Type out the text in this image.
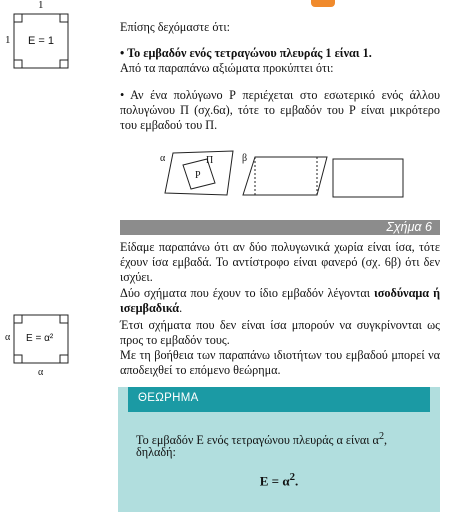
1
1 E = 1
Επίσης δεχόμαστε ότι:
• Το εμβαδόν ενός τετραγώνου πλευράς 1 είναι 1.
Από τα παραπάνω αξιώματα προκύπτει ότι:
• Αν ένα πολύγωνο Ρ περιέχεται στο εσωτερικό ενός άλλου πολυγώνου Π (σχ.6α), τότε το εμβαδόν του Ρ είναι μικρότερο του εμβαδού του Π.
α	Π
Ρ
β
Σχήμα 6
Είδαμε παραπάνω ότι αν δύο πολυγωνικά χωρία είναι ίσα, τότε έχουν ίσα εμβαδά. Το αντίστροφο είναι φανερό (σχ. 6β) ότι δεν ισχύει.
Δύο σχήματα που έχουν το ίδιο εμβαδόν λέγονται ισοδύναμα ή ισεμβαδικά.
Έτσι σχήματα που δεν είναι ίσα μπορούν να συγκρίνονται ως προς το εμβαδόν τους.
Με τη βοήθεια των παραπάνω ιδιοτήτων του εμβαδού μπορεί να αποδειχθεί το επόμενο θεώρημα.
α
α
E = α²
ΘΕΩΡΗΜΑ
Το εμβαδόν Ε ενός τετραγώνου πλευράς α είναι $\alpha^2$,
δηλαδή:
$E = \alpha^2$.
